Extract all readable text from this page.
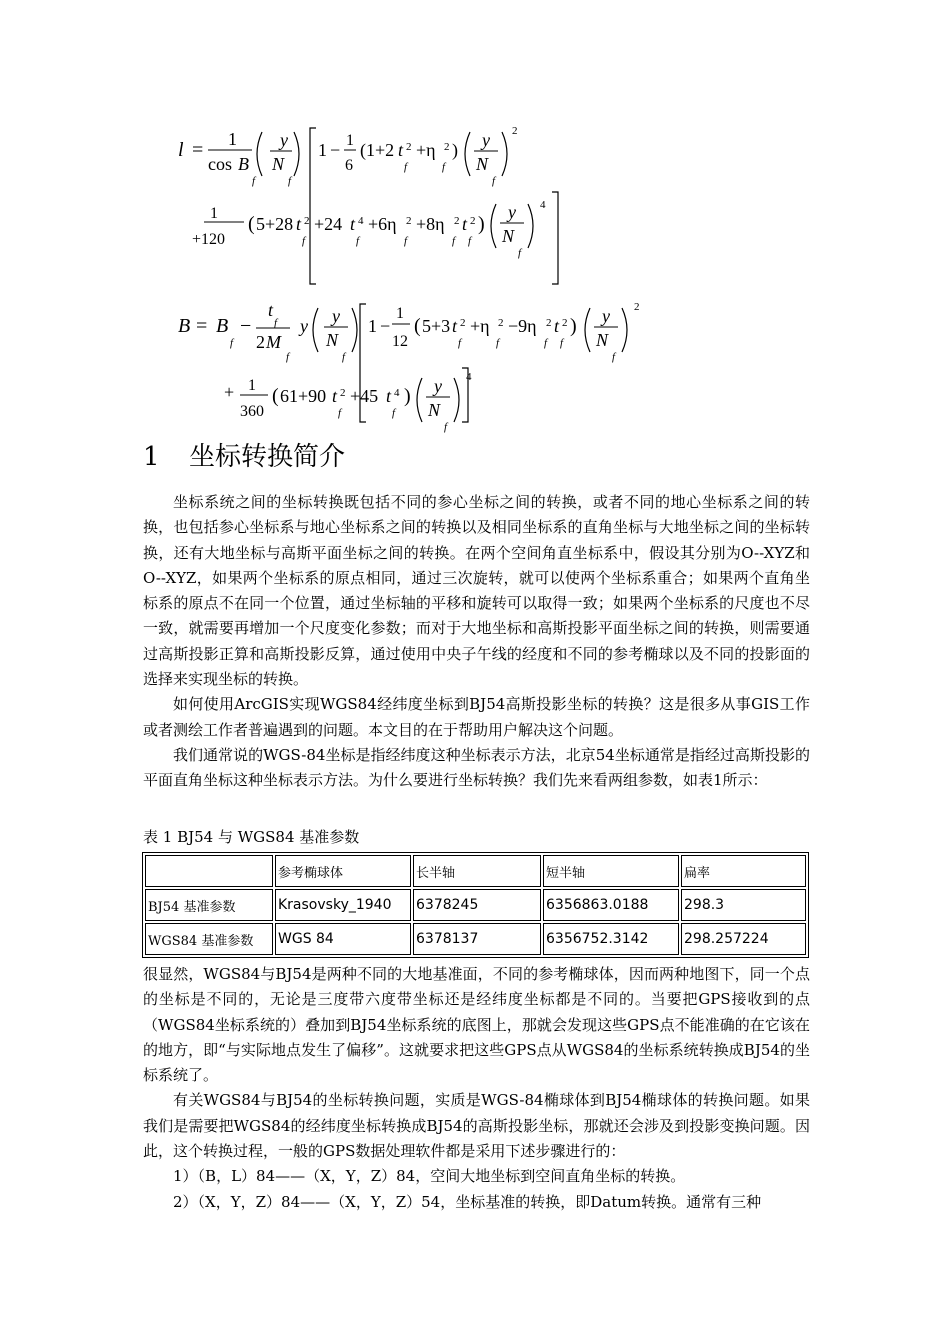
l = 1
cos B
f
y
N
f
1 − 1
6
(1+2 t 2
f
+η 2
f
) y
N
f
2
1
+120
( 5+28 t 2
f
+24 t 4
f
+6η 2
f
+8η 2
f
t 2
f
)
y
N
f
4
B = B
f
−
t
f
2 M
f
y y
N
f
1 −
1
12
( 5+3 t 2
f
+η 2
f
−9η 2
f
t 2
f
) y
N
f
2
+ 1
360
( 61+90 t 2
f
+45 t 4
f
) y
N
f
4
1 坐标转换简介

坐标系统之间的坐标转换既包括不同的参心坐标之间的转换，或者不同的地心坐标系之间的转换，也包括参心坐标系与地心坐标系之间的转换以及相同坐标系的直角坐标与大地坐标之间的坐标转换，还有大地坐标与高斯平面坐标之间的转换。在两个空间角直坐标系中，假设其分别为O--XYZ和O--XYZ，如果两个坐标系的原点相同，通过三次旋转，就可以使两个坐标系重合；如果两个直角坐标系的原点不在同一个位置，通过坐标轴的平移和旋转可以取得一致；如果两个坐标系的尺度也不尽一致，就需要再增加一个尺度变化参数；而对于大地坐标和高斯投影平面坐标之间的转换，则需要通过高斯投影正算和高斯投影反算，通过使用中央子午线的经度和不同的参考椭球以及不同的投影面的选择来实现坐标的转换。

如何使用ArcGIS实现WGS84经纬度坐标到BJ54高斯投影坐标的转换？这是很多从事GIS工作或者测绘工作者普遍遇到的问题。本文目的在于帮助用户解决这个问题。

我们通常说的WGS-84坐标是指经纬度这种坐标表示方法，北京54坐标通常是指经过高斯投影的平面直角坐标这种坐标表示方法。为什么要进行坐标转换？我们先来看两组参数，如表1所示：

表 1 BJ54 与 WGS84 基准参数
	参考椭球体	长半轴	短半轴	扁率
BJ54 基准参数	Krasovsky_1940	6378245	6356863.0188	298.3
WGS84 基准参数	WGS 84	6378137	6356752.3142	298.257224

很显然，WGS84与BJ54是两种不同的大地基准面，不同的参考椭球体，因而两种地图下，同一个点的坐标是不同的，无论是三度带六度带坐标还是经纬度坐标都是不同的。当要把GPS接收到的点（WGS84坐标系统的）叠加到BJ54坐标系统的底图上，那就会发现这些GPS点不能准确的在它该在的地方，即“与实际地点发生了偏移”。这就要求把这些GPS点从WGS84的坐标系统转换成BJ54的坐标系统了。

有关WGS84与BJ54的坐标转换问题，实质是WGS-84椭球体到BJ54椭球体的转换问题。如果我们是需要把WGS84的经纬度坐标转换成BJ54的高斯投影坐标，那就还会涉及到投影变换问题。因此，这个转换过程，一般的GPS数据处理软件都是采用下述步骤进行的：

1）（B，L）84——（X，Y，Z）84，空间大地坐标到空间直角坐标的转换。

2）（X，Y，Z）84——（X，Y，Z）54，坐标基准的转换，即Datum转换。通常有三种
